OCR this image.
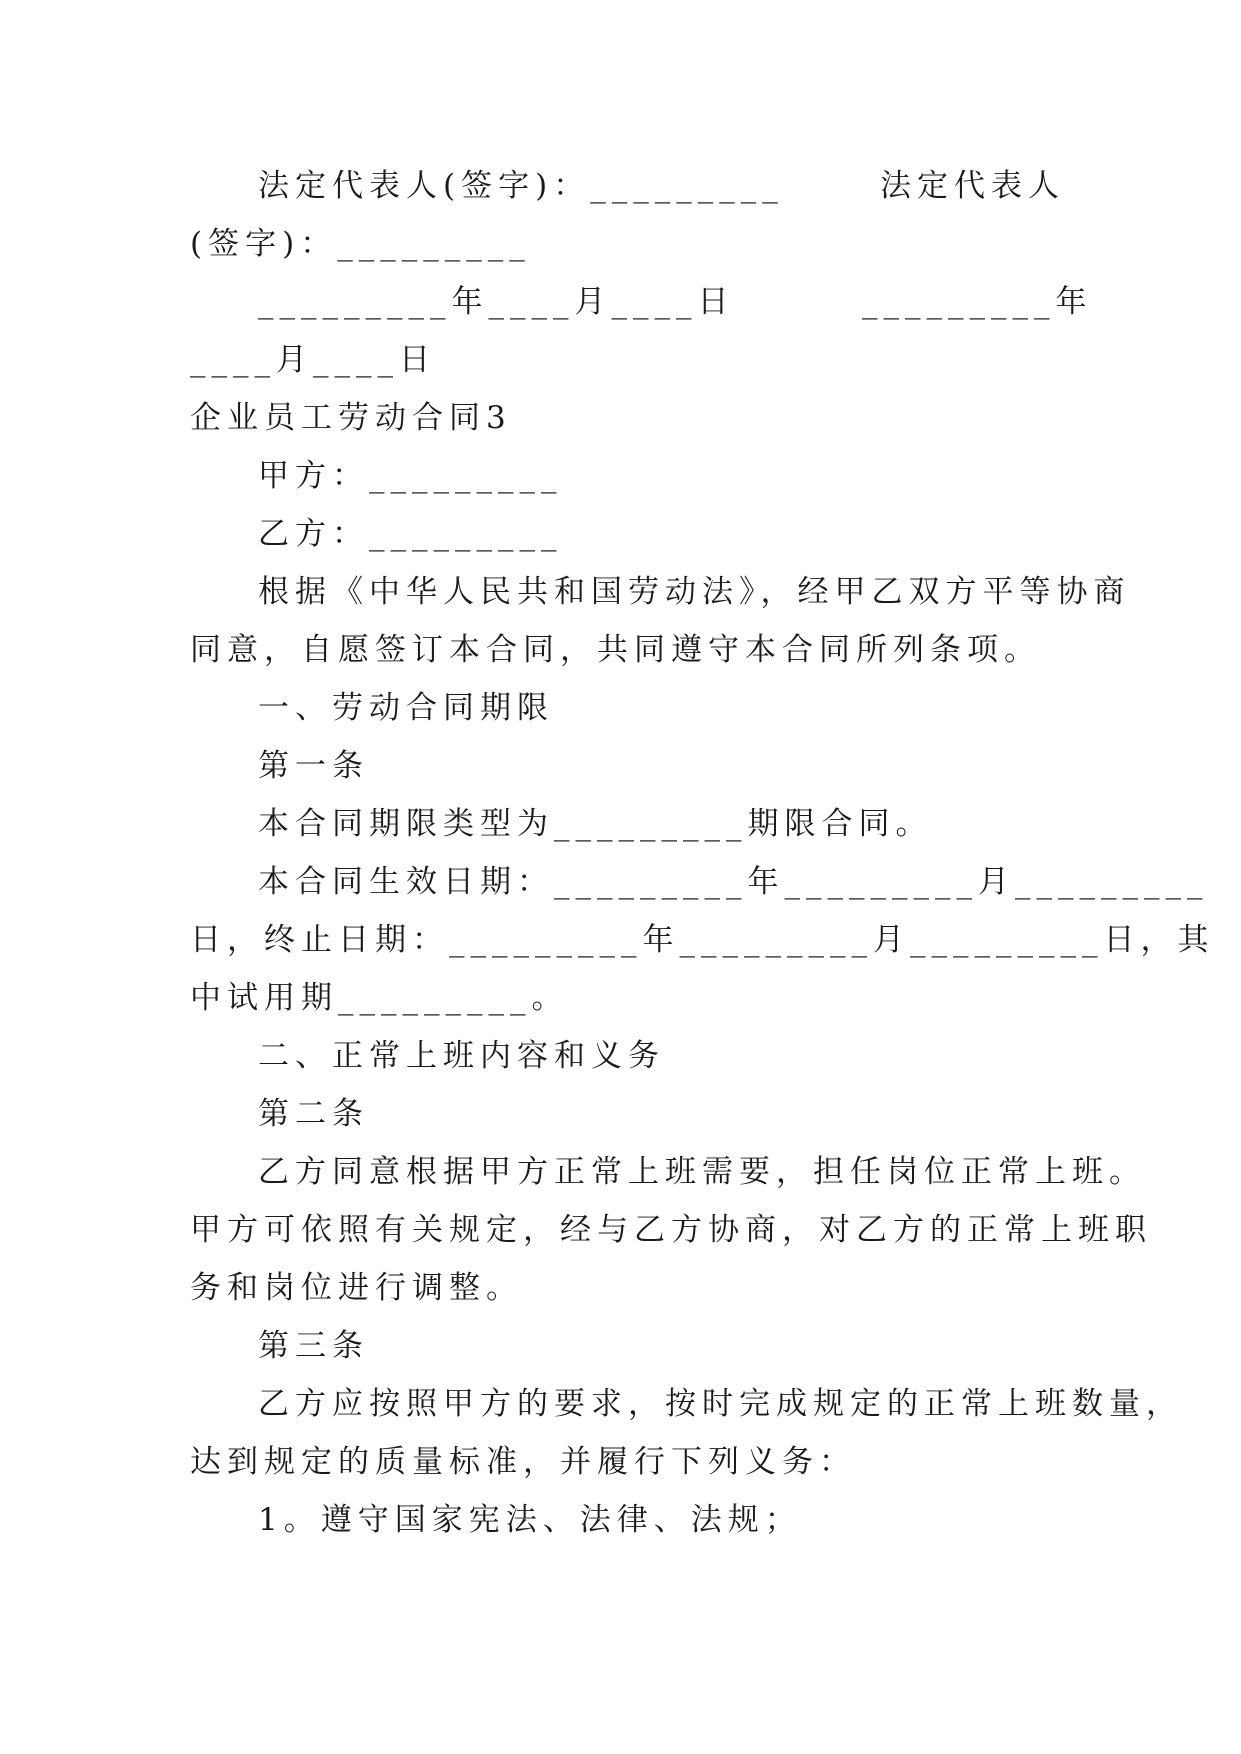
法定代表人(签字)：_________	法定代表人
(签字)：_________
_________年____月____日	_________年
____月____日
企业员工劳动合同3
甲方：_________
乙方：_________
根据《中华人民共和国劳动法》，经甲乙双方平等协商
同意，自愿签订本合同，共同遵守本合同所列条项。
一、劳动合同期限
第一条
本合同期限类型为_________期限合同。
本合同生效日期：_________年_________月_________
日，终止日期：_________年_________月_________日，其
中试用期_________。
二、正常上班内容和义务
第二条
乙方同意根据甲方正常上班需要，担任岗位正常上班。
甲方可依照有关规定，经与乙方协商，对乙方的正常上班职
务和岗位进行调整。
第三条
乙方应按照甲方的要求，按时完成规定的正常上班数量，
达到规定的质量标准，并履行下列义务：
1。遵守国家宪法、法律、法规；
